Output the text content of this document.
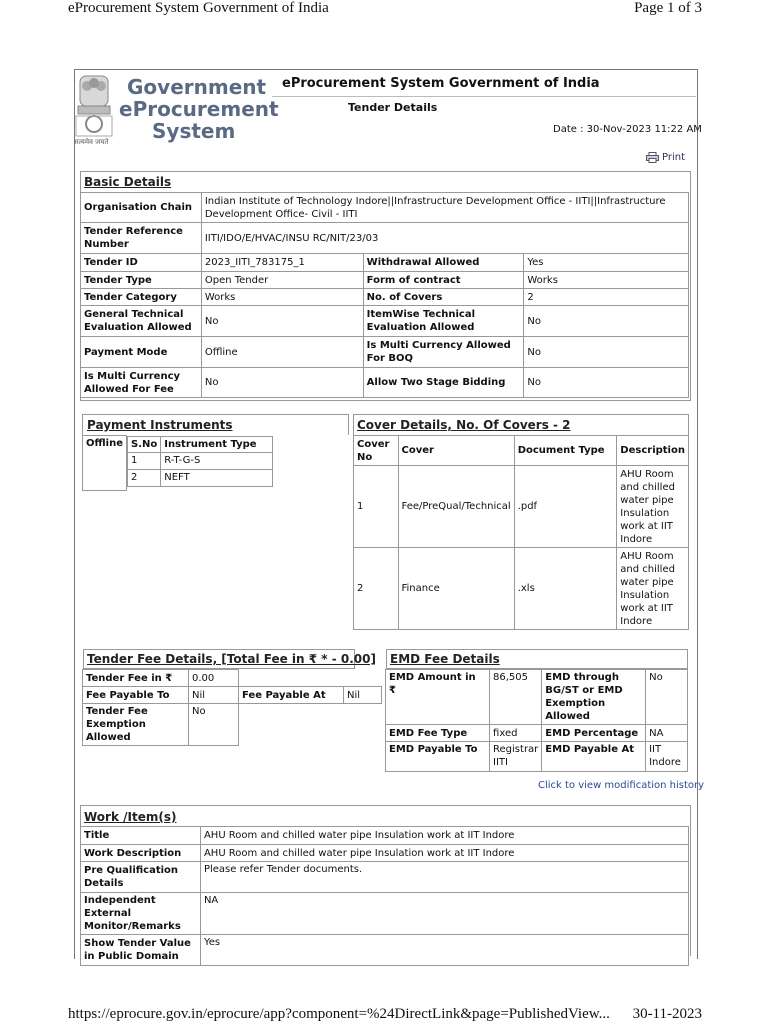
eProcurement System Government of India	Page 1 of 3
https://eprocure.gov.in/eprocure/app?component=%24DirectLink&page=PublishedView... 30-11-2023
सत्यमेव जयते
Government
eProcurement
System
eProcurement System Government of India
Tender Details
Date : 30-Nov-2023 11:22 AM
Print
Basic Details
Organisation Chain	Indian Institute of Technology Indore||Infrastructure Development Office - IITI||Infrastructure Development Office- Civil - IITI		
Tender Reference Number	IITI/IDO/E/HVAC/INSU RC/NIT/23/03		
Tender ID	2023_IITI_783175_1	Withdrawal Allowed	Yes
Tender Type	Open Tender	Form of contract	Works
Tender Category	Works	No. of Covers	2
General Technical Evaluation Allowed	No	ItemWise Technical Evaluation Allowed	No
Payment Mode	Offline	Is Multi Currency Allowed For BOQ	No
Is Multi Currency Allowed For Fee	No	Allow Two Stage Bidding	No
Payment Instruments
Offline	S.No	Instrument Type
1	R-T-G-S
2	NEFT
Cover Details, No. Of Covers - 2
Cover No	Cover	Document Type	Description
1	Fee/PreQual/Technical	.pdf	AHU Room and chilled water pipe Insulation work at IIT Indore
2	Finance	.xls	AHU Room and chilled water pipe Insulation work at IIT Indore
Tender Fee Details, [Total Fee in ₹ * - 0.00]
Tender Fee in ₹	0.00		
Fee Payable To	Nil	Fee Payable At	Nil
Tender Fee Exemption Allowed	No		
EMD Fee Details
EMD Amount in ₹	86,505	EMD through BG/ST or EMD Exemption Allowed	No
EMD Fee Type	fixed	EMD Percentage	NA
EMD Payable To	Registrar IITI	EMD Payable At	IIT Indore
Click to view modification history
Work /Item(s)
Title	AHU Room and chilled water pipe Insulation work at IIT Indore
Work Description	AHU Room and chilled water pipe Insulation work at IIT Indore
Pre Qualification Details	Please refer Tender documents.
Independent External Monitor/Remarks	NA
Show Tender Value in Public Domain	Yes
